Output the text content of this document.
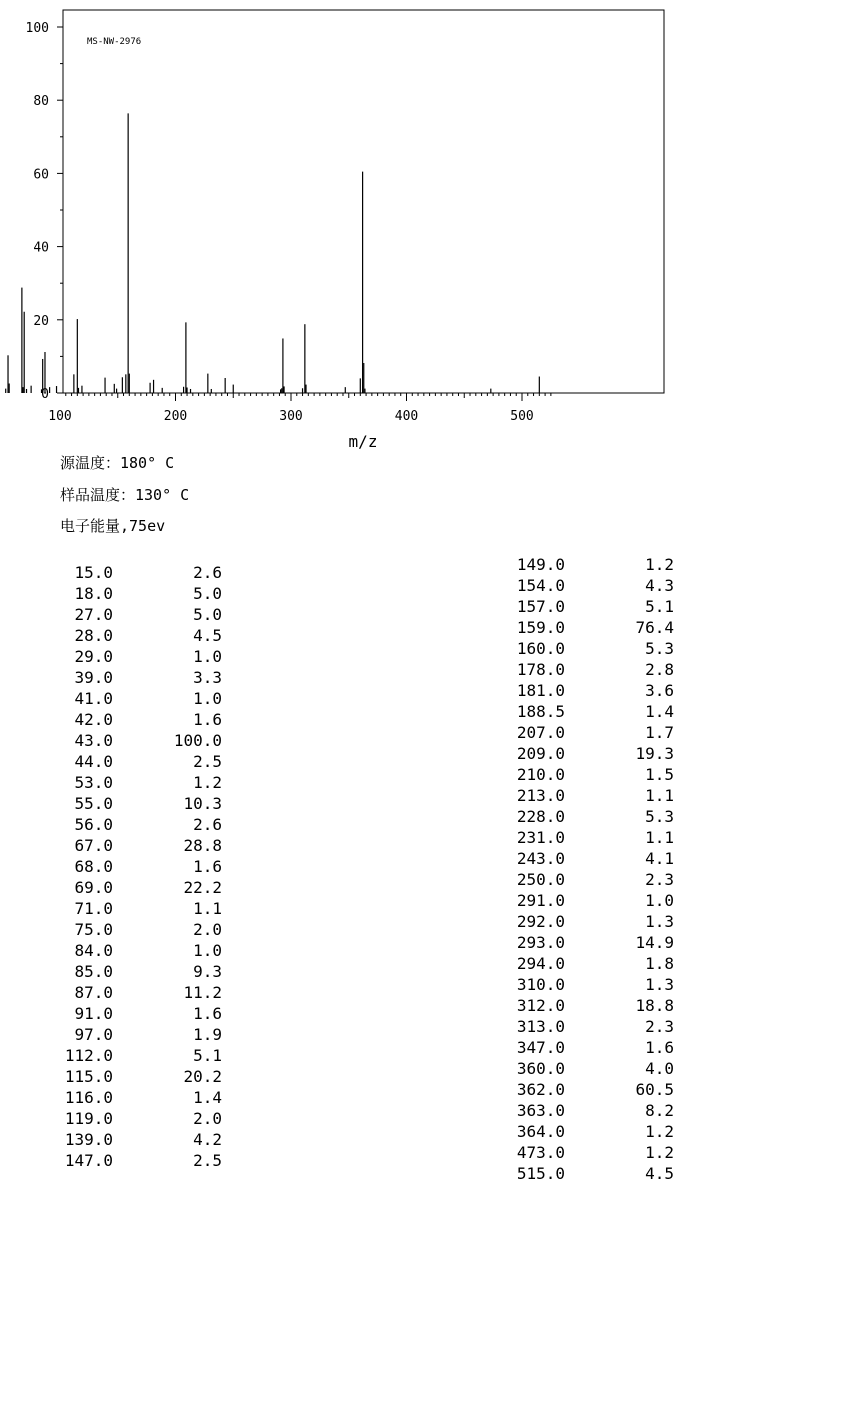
100	200	300	400	500
0
20
40
60
80
100
MS-NW-2976
m/z
源温度：180° C
样品温度：130° C
电子能量,75ev
15.0	2.6
18.0	5.0
27.0	5.0
28.0	4.5
29.0	1.0
39.0	3.3
41.0	1.0
42.0	1.6
43.0	100.0
44.0	2.5
53.0	1.2
55.0	10.3
56.0	2.6
67.0	28.8
68.0	1.6
69.0	22.2
71.0	1.1
75.0	2.0
84.0	1.0
85.0	9.3
87.0	11.2
91.0	1.6
97.0	1.9
112.0	5.1
115.0	20.2
116.0	1.4
119.0	2.0
139.0	4.2
147.0	2.5
149.0	1.2
154.0	4.3
157.0	5.1
159.0	76.4
160.0	5.3
178.0	2.8
181.0	3.6
188.5	1.4
207.0	1.7
209.0	19.3
210.0	1.5
213.0	1.1
228.0	5.3
231.0	1.1
243.0	4.1
250.0	2.3
291.0	1.0
292.0	1.3
293.0	14.9
294.0	1.8
310.0	1.3
312.0	18.8
313.0	2.3
347.0	1.6
360.0	4.0
362.0	60.5
363.0	8.2
364.0	1.2
473.0	1.2
515.0	4.5
